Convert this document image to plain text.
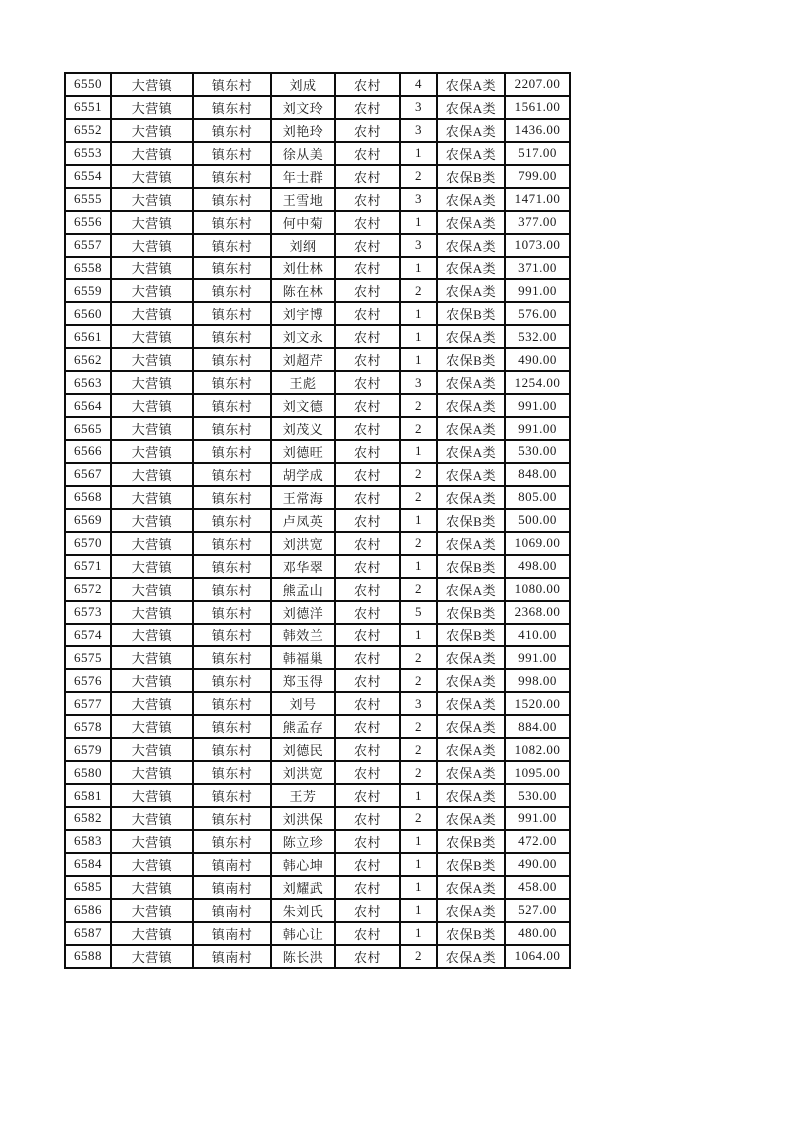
6550	大营镇	镇东村	刘成	农村	4	农保A类	2207.00
6551	大营镇	镇东村	刘文玲	农村	3	农保A类	1561.00
6552	大营镇	镇东村	刘艳玲	农村	3	农保A类	1436.00
6553	大营镇	镇东村	徐从美	农村	1	农保A类	517.00
6554	大营镇	镇东村	年士群	农村	2	农保B类	799.00
6555	大营镇	镇东村	王雪地	农村	3	农保A类	1471.00
6556	大营镇	镇东村	何中菊	农村	1	农保A类	377.00
6557	大营镇	镇东村	刘纲	农村	3	农保A类	1073.00
6558	大营镇	镇东村	刘仕林	农村	1	农保A类	371.00
6559	大营镇	镇东村	陈在林	农村	2	农保A类	991.00
6560	大营镇	镇东村	刘宇博	农村	1	农保B类	576.00
6561	大营镇	镇东村	刘文永	农村	1	农保A类	532.00
6562	大营镇	镇东村	刘超芹	农村	1	农保B类	490.00
6563	大营镇	镇东村	王彪	农村	3	农保A类	1254.00
6564	大营镇	镇东村	刘文德	农村	2	农保A类	991.00
6565	大营镇	镇东村	刘茂义	农村	2	农保A类	991.00
6566	大营镇	镇东村	刘德旺	农村	1	农保A类	530.00
6567	大营镇	镇东村	胡学成	农村	2	农保A类	848.00
6568	大营镇	镇东村	王常海	农村	2	农保A类	805.00
6569	大营镇	镇东村	卢凤英	农村	1	农保B类	500.00
6570	大营镇	镇东村	刘洪宽	农村	2	农保A类	1069.00
6571	大营镇	镇东村	邓华翠	农村	1	农保B类	498.00
6572	大营镇	镇东村	熊孟山	农村	2	农保A类	1080.00
6573	大营镇	镇东村	刘德洋	农村	5	农保B类	2368.00
6574	大营镇	镇东村	韩效兰	农村	1	农保B类	410.00
6575	大营镇	镇东村	韩福巢	农村	2	农保A类	991.00
6576	大营镇	镇东村	郑玉得	农村	2	农保A类	998.00
6577	大营镇	镇东村	刘号	农村	3	农保A类	1520.00
6578	大营镇	镇东村	熊孟存	农村	2	农保A类	884.00
6579	大营镇	镇东村	刘德民	农村	2	农保A类	1082.00
6580	大营镇	镇东村	刘洪宽	农村	2	农保A类	1095.00
6581	大营镇	镇东村	王芳	农村	1	农保A类	530.00
6582	大营镇	镇东村	刘洪保	农村	2	农保A类	991.00
6583	大营镇	镇东村	陈立珍	农村	1	农保B类	472.00
6584	大营镇	镇南村	韩心坤	农村	1	农保B类	490.00
6585	大营镇	镇南村	刘耀武	农村	1	农保A类	458.00
6586	大营镇	镇南村	朱刘氏	农村	1	农保A类	527.00
6587	大营镇	镇南村	韩心让	农村	1	农保B类	480.00
6588	大营镇	镇南村	陈长洪	农村	2	农保A类	1064.00
